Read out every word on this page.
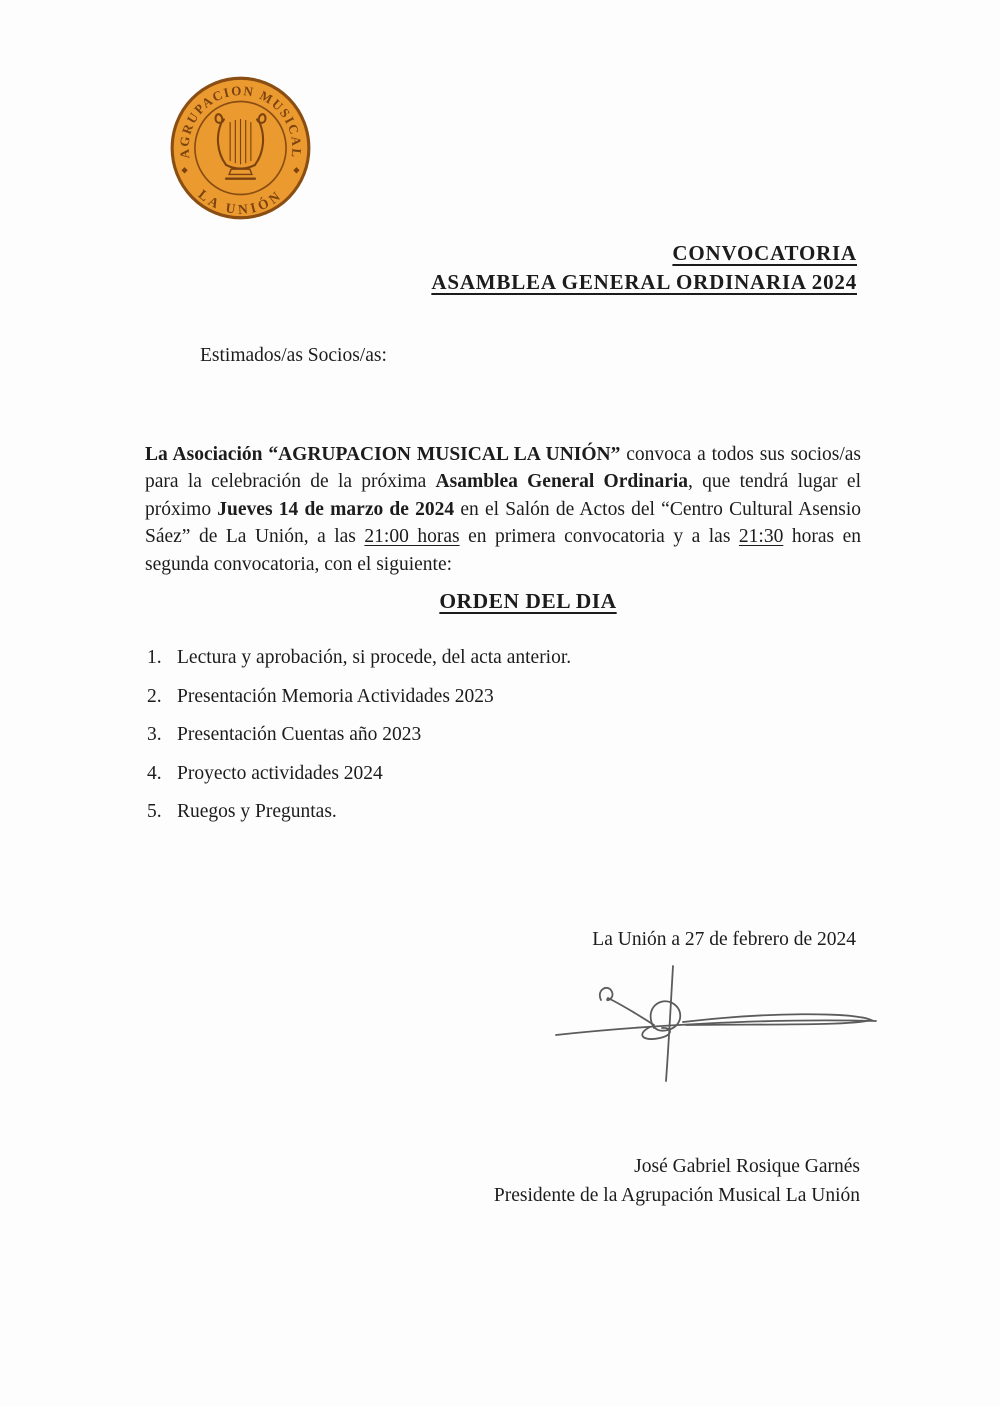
AGRUPACION MUSICAL
LA UNIÓN
◆	◆
CONVOCATORIA
ASAMBLEA GENERAL ORDINARIA 2024
Estimados/as Socios/as:

La Asociación “AGRUPACION MUSICAL LA UNIÓN” convoca a todos sus socios/as para la celebración de la próxima Asamblea General Ordinaria, que tendrá lugar el próximo Jueves 14 de marzo de 2024 en el Salón de Actos del “Centro Cultural Asensio Sáez” de La Unión, a las 21:00 horas en primera convocatoria y a las 21:30 horas en segunda convocatoria, con el siguiente:

ORDEN DEL DIA
1. Lectura y aprobación, si procede, del acta anterior.
2. Presentación Memoria Actividades 2023
3. Presentación Cuentas año 2023
4. Proyecto actividades 2024
5. Ruegos y Preguntas.
La Unión a 27 de febrero de 2024
José Gabriel Rosique Garnés
Presidente de la Agrupación Musical La Unión
